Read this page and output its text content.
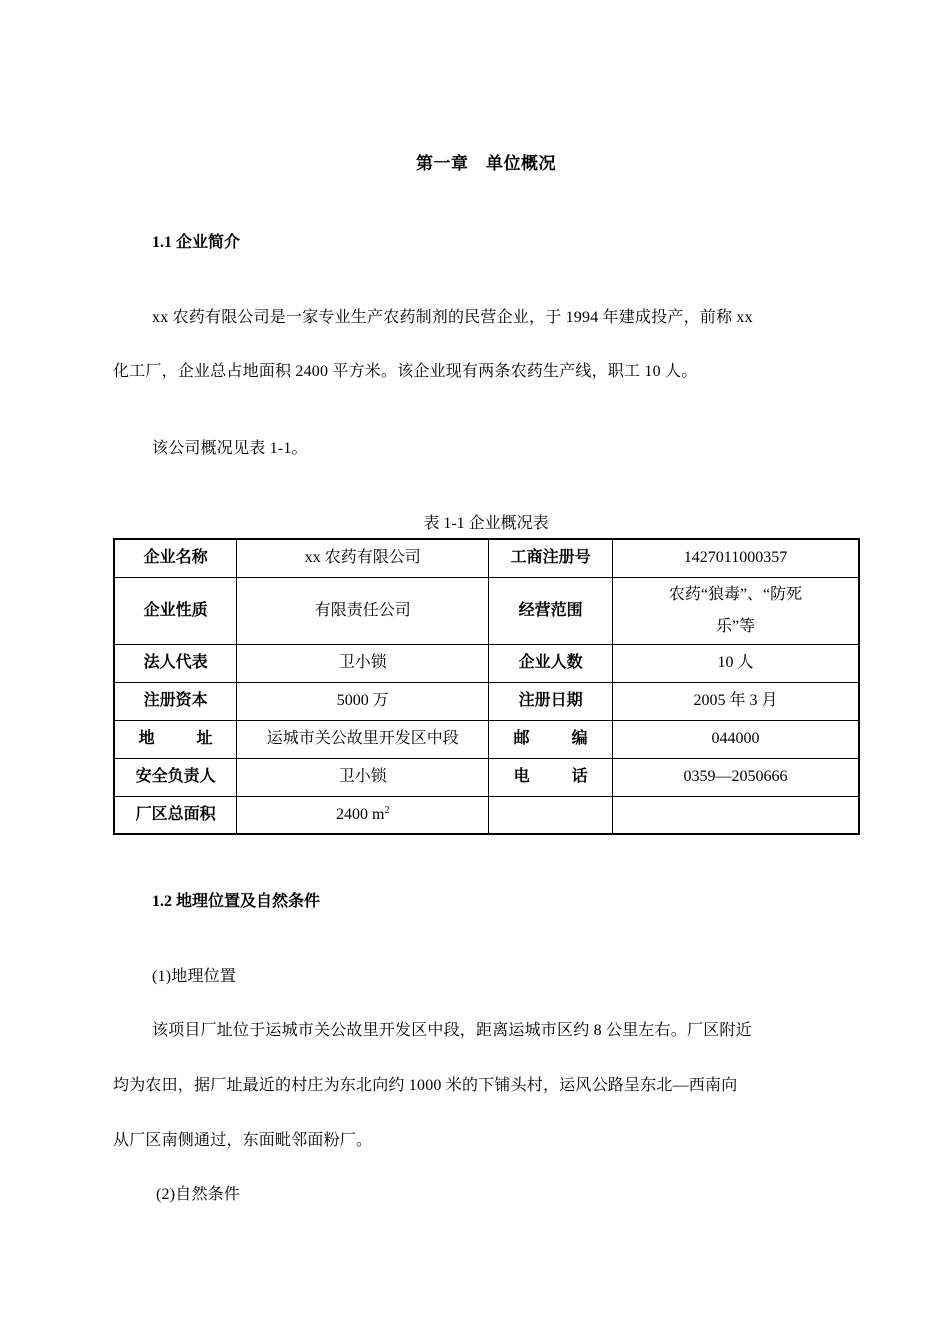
第一章　单位概况
1.1 企业简介
xx 农药有限公司是一家专业生产农药制剂的民营企业，于 1994 年建成投产，前称 xx
化工厂，企业总占地面积 2400 平方米。该企业现有两条农药生产线，职工 10 人。
该公司概况见表 1-1。
表 1-1 企业概况表
企业名称	xx 农药有限公司	工商注册号	1427011000357
企业性质	有限责任公司	经营范围	农药“狼毒”、“防死
乐”等

法人代表	卫小锁	企业人数	10 人
注册资本	5000 万	注册日期	2005 年 3 月
地 址	运城市关公故里开发区中段	邮 编	044000
安全负责人	卫小锁	电 话	0359—2050666
厂区总面积	2400 $m^2$		
1.2 地理位置及自然条件
(1)地理位置
该项目厂址位于运城市关公故里开发区中段，距离运城市区约 8 公里左右。厂区附近
均为农田，据厂址最近的村庄为东北向约 1000 米的下铺头村，运风公路呈东北—西南向
从厂区南侧通过，东面毗邻面粉厂。
(2)自然条件
